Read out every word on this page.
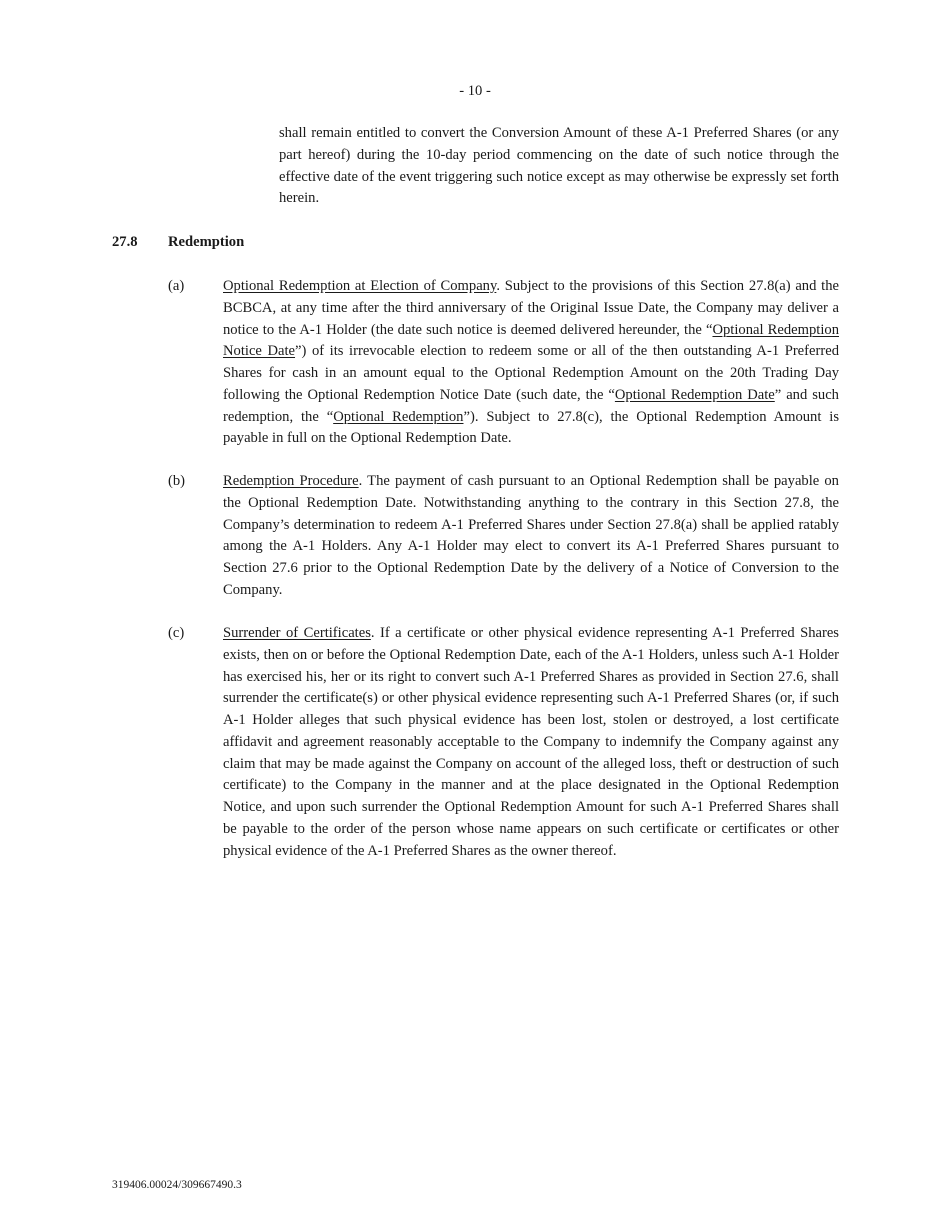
- 10 -
shall remain entitled to convert the Conversion Amount of these A-1 Preferred Shares (or any part hereof) during the 10-day period commencing on the date of such notice through the effective date of the event triggering such notice except as may otherwise be expressly set forth herein.
27.8 Redemption
(a)	Optional Redemption at Election of Company. Subject to the provisions of this Section 27.8(a) and the BCBCA, at any time after the third anniversary of the Original Issue Date, the Company may deliver a notice to the A-1 Holder (the date such notice is deemed delivered hereunder, the “Optional Redemption Notice Date”) of its irrevocable election to redeem some or all of the then outstanding A-1 Preferred Shares for cash in an amount equal to the Optional Redemption Amount on the 20th Trading Day following the Optional Redemption Notice Date (such date, the “Optional Redemption Date” and such redemption, the “Optional Redemption”). Subject to 27.8(c), the Optional Redemption Amount is payable in full on the Optional Redemption Date.
(b)	Redemption Procedure. The payment of cash pursuant to an Optional Redemption shall be payable on the Optional Redemption Date. Notwithstanding anything to the contrary in this Section 27.8, the Company’s determination to redeem A-1 Preferred Shares under Section 27.8(a) shall be applied ratably among the A-1 Holders. Any A-1 Holder may elect to convert its A-1 Preferred Shares pursuant to Section 27.6 prior to the Optional Redemption Date by the delivery of a Notice of Conversion to the Company.
(c)	Surrender of Certificates. If a certificate or other physical evidence representing A-1 Preferred Shares exists, then on or before the Optional Redemption Date, each of the A-1 Holders, unless such A-1 Holder has exercised his, her or its right to convert such A-1 Preferred Shares as provided in Section 27.6, shall surrender the certificate(s) or other physical evidence representing such A-1 Preferred Shares (or, if such A-1 Holder alleges that such physical evidence has been lost, stolen or destroyed, a lost certificate affidavit and agreement reasonably acceptable to the Company to indemnify the Company against any claim that may be made against the Company on account of the alleged loss, theft or destruction of such certificate) to the Company in the manner and at the place designated in the Optional Redemption Notice, and upon such surrender the Optional Redemption Amount for such A-1 Preferred Shares shall be payable to the order of the person whose name appears on such certificate or certificates or other physical evidence of the A-1 Preferred Shares as the owner thereof.
319406.00024/309667490.3
